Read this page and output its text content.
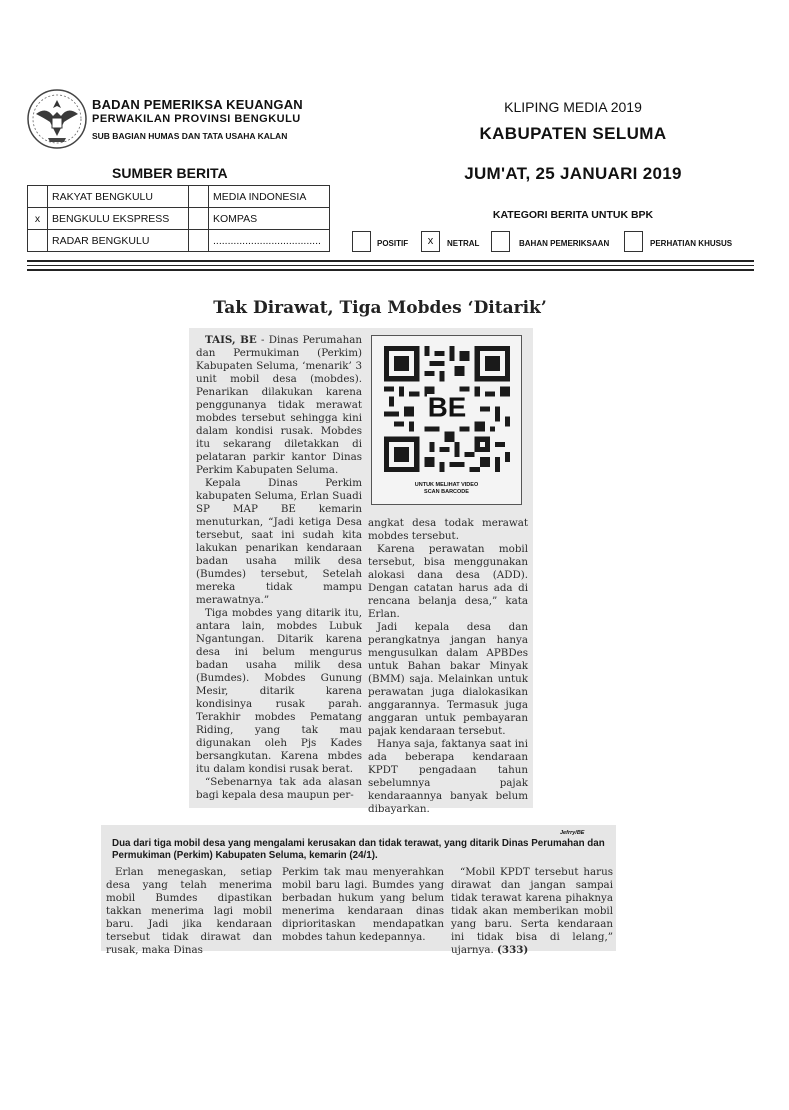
BADAN PEMERIKSA KEUANGAN
PERWAKILAN PROVINSI BENGKULU
SUB BAGIAN HUMAS DAN TATA USAHA KALAN
KLIPING MEDIA 2019
KABUPATEN SELUMA
JUM'AT, 25 JANUARI 2019
SUMBER BERITA
	RAKYAT BENGKULU		MEDIA INDONESIA
x	BENGKULU EKSPRESS		KOMPAS
	RADAR BENGKULU		.....................................
KATEGORI BERITA UNTUK BPK
POSITIF	x	NETRAL	BAHAN PEMERIKSAAN	PERHATIAN KHUSUS
Tak Dirawat, Tiga Mobdes ‘Ditarik’

TAIS, BE - Dinas Perumahan dan Permukiman (Perkim) Kabupaten Seluma, ‘menarik’ 3 unit mobil desa (mobdes). Penarikan dilakukan karena penggunanya tidak merawat mobdes tersebut sehingga kini dalam kondisi rusak. Mobdes itu sekarang diletakkan di pelataran parkir kantor Dinas Perkim Kabupaten Seluma.

Kepala Dinas Perkim kabupaten Seluma, Erlan Suadi SP MAP BE kemarin menuturkan, “Jadi ketiga Desa tersebut, saat ini sudah kita lakukan penarikan kendaraan badan usaha milik desa (Bumdes) tersebut, Setelah mereka tidak mampu merawatnya.”

Tiga mobdes yang ditarik itu, antara lain, mobdes Lubuk Ngantungan. Ditarik karena desa ini belum mengurus badan usaha milik desa (Bumdes). Mobdes Gunung Mesir, ditarik karena kondisinya rusak parah. Terakhir mobdes Pematang Riding, yang tak mau digunakan oleh Pjs Kades bersangkutan. Karena mbdes itu dalam kondisi rusak berat.

“Sebenarnya tak ada alasan bagi kepala desa maupun per-

BE
UNTUK MELIHAT VIDEO
SCAN BARCODE

angkat desa todak merawat mobdes tersebut.

Karena perawatan mobil tersebut, bisa menggunakan alokasi dana desa (ADD). Dengan catatan harus ada di rencana belanja desa,” kata Erlan.

Jadi kepala desa dan perangkatnya jangan hanya mengusulkan dalam APBDes untuk Bahan bakar Minyak (BMM) saja. Melainkan untuk perawatan juga dialokasikan anggarannya. Termasuk juga anggaran untuk pembayaran pajak kendaraan tersebut.

Hanya saja, faktanya saat ini ada beberapa kendaraan KPDT pengadaan tahun sebelumnya pajak kendaraannya banyak belum dibayarkan.

Jefrry/BE
Dua dari tiga mobil desa yang mengalami kerusakan dan tidak terawat, yang ditarik Dinas Perumahan dan Permukiman (Perkim) Kabupaten Seluma, kemarin (24/1).

Erlan menegaskan, setiap desa yang telah menerima mobil Bumdes dipastikan takkan menerima lagi mobil baru. Jadi jika kendaraan tersebut tidak dirawat dan rusak, maka Dinas

Perkim tak mau menyerahkan mobil baru lagi. Bumdes yang berbadan hukum yang belum menerima kendaraan dinas diprioritaskan mendapatkan mobdes tahun kedepannya.

“Mobil KPDT tersebut harus dirawat dan jangan sampai tidak terawat karena pihaknya tidak akan memberikan mobil yang baru. Serta kendaraan ini tidak bisa di lelang,” ujarnya. (333)
